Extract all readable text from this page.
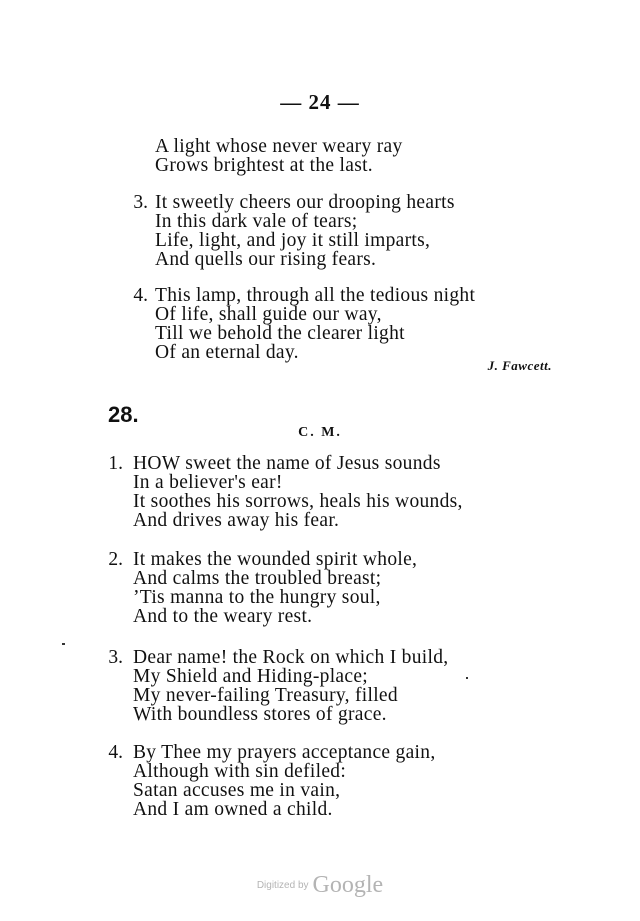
— 24 —
A light whose never weary ray
Grows brightest at the last.
3. It sweetly cheers our drooping hearts
In this dark vale of tears;
Life, light, and joy it still imparts,
And quells our rising fears.
4. This lamp, through all the tedious night
Of life, shall guide our way,
Till we behold the clearer light
Of an eternal day.
J. Fawcett.
28.
C. M.
1. HOW sweet the name of Jesus sounds
In a believer's ear!
It soothes his sorrows, heals his wounds,
And drives away his fear.
2. It makes the wounded spirit whole,
And calms the troubled breast;
’Tis manna to the hungry soul,
And to the weary rest.
3. Dear name! the Rock on which I build,
My Shield and Hiding-place;
My never-failing Treasury, filled
With boundless stores of grace.
4. By Thee my prayers acceptance gain,
Although with sin defiled:
Satan accuses me in vain,
And I am owned a child.
Digitized by Google
